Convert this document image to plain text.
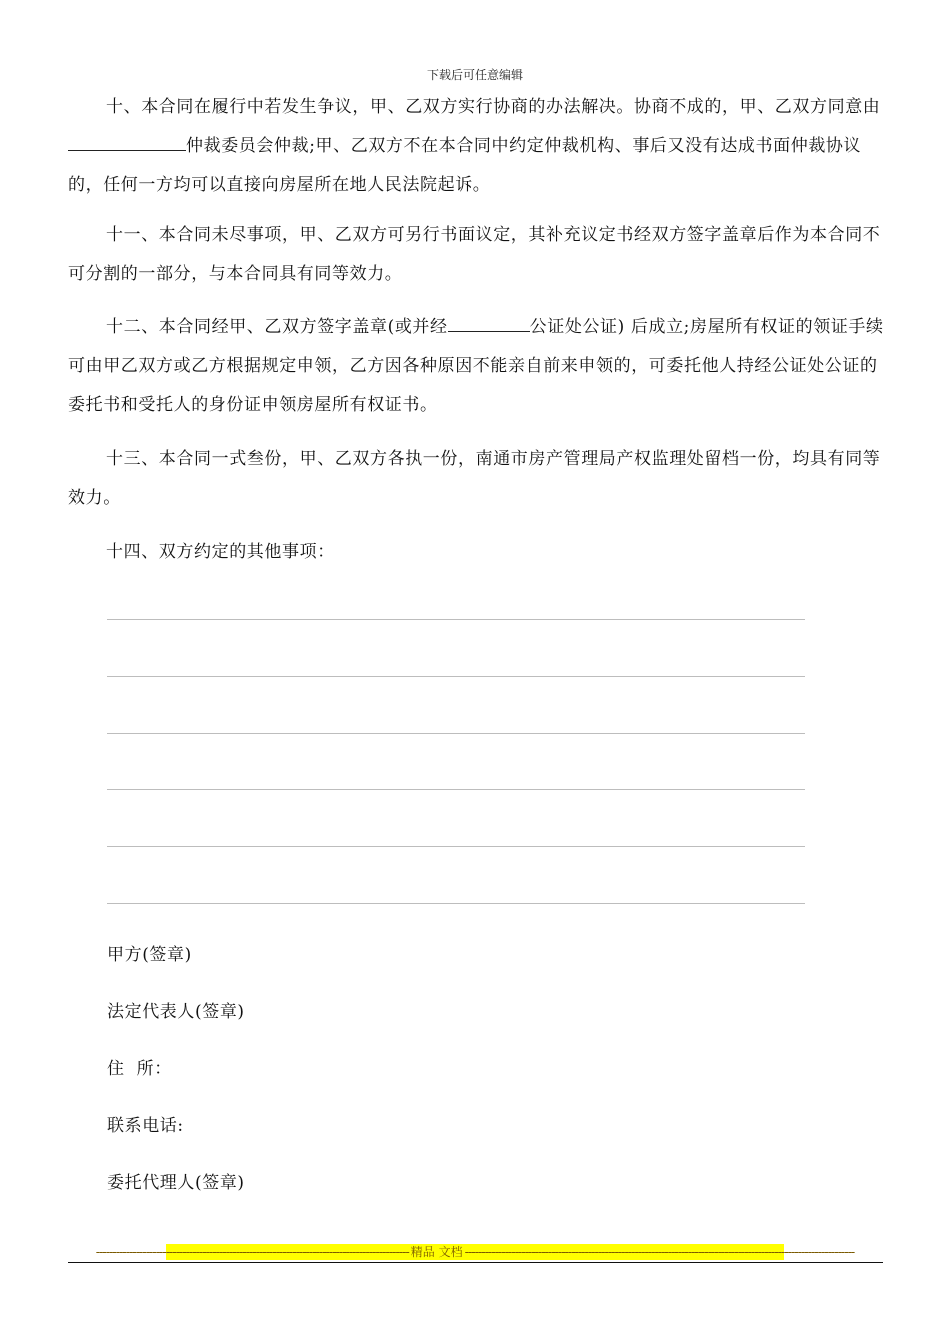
下载后可任意编辑

十、本合同在履行中若发生争议，甲、乙双方实行协商的办法解决。协商不成的，甲、乙双方同意由仲裁委员会仲裁;甲、乙双方不在本合同中约定仲裁机构、事后又没有达成书面仲裁协议的，任何一方均可以直接向房屋所在地人民法院起诉。

十一、本合同未尽事项，甲、乙双方可另行书面议定，其补充议定书经双方签字盖章后作为本合同不可分割的一部分，与本合同具有同等效力。

十二、本合同经甲、乙双方签字盖章(或并经	公证处公证) 后成立;房屋所有权证的领证手续可由甲乙双方或乙方根据规定申领，乙方因各种原因不能亲自前来申领的，可委托他人持经公证处公证的委托书和受托人的身份证申领房屋所有权证书。

十三、本合同一式叁份，甲、乙双方各执一份，南通市房产管理局产权监理处留档一份，均具有同等效力。

十四、双方约定的其他事项：

甲方(签章)
法定代表人(签章)
住  所：
联系电话:
委托代理人(签章)
---------------------------------------------------------------------------------------------- 精品 文档 ---------------------------------------------------------------------------------------------------------------------
